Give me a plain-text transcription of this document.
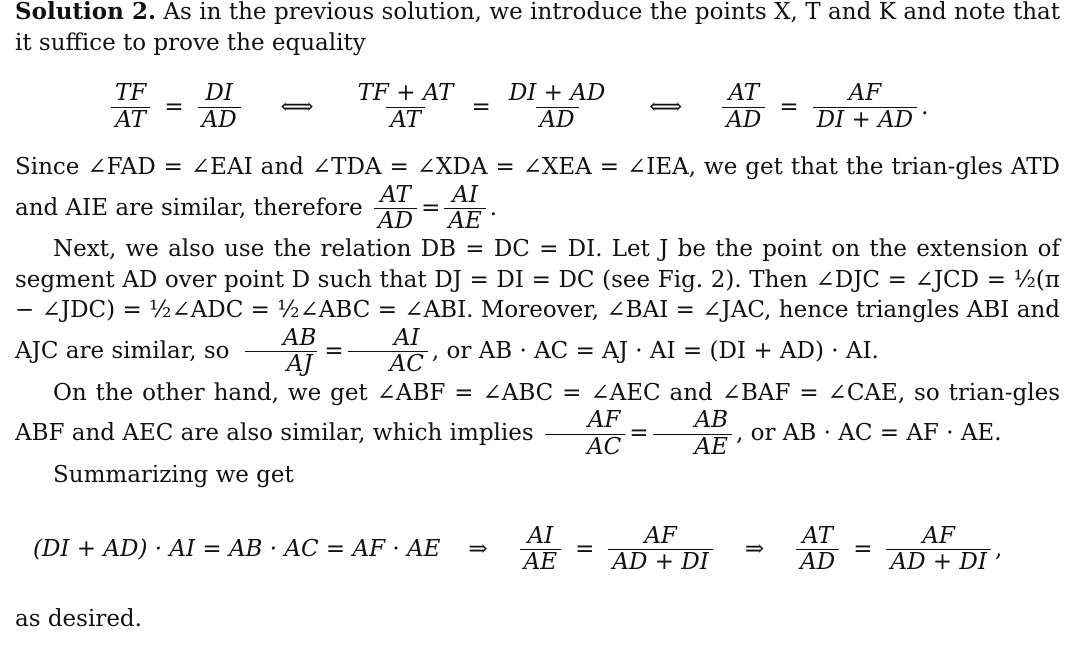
Solution 2. As in the previous solution, we introduce the points X, T and K and note that it suffice to prove the equality

$\frac{TF}{AT} = \frac{DI}{AD}$ ⟺ $\frac{TF + AT}{AT} = \frac{DI + AD}{AD}$ ⟺ $\frac{AT}{AD} = \frac{AF}{DI + AD}$ .

Since ∠FAD = ∠EAI and ∠TDA = ∠XDA = ∠XEA = ∠IEA, we get that the trian-gles ATD and AIE are similar, therefore $\frac{AT}{AD} = \frac{AI}{AE}$ .

Next, we also use the relation DB = DC = DI. Let J be the point on the extension of segment AD over point D such that DJ = DI = DC (see Fig. 2). Then ∠DJC = ∠JCD = ½(π − ∠JDC) = ½∠ADC = ½∠ABC = ∠ABI. Moreover, ∠BAI = ∠JAC, hence triangles ABI and AJC are similar, so $\frac{AB}{AJ} = \frac{AI}{AC}$ , or AB · AC = AJ · AI = (DI + AD) · AI.

On the other hand, we get ∠ABF = ∠ABC = ∠AEC and ∠BAF = ∠CAE, so trian-gles ABF and AEC are also similar, which implies $\frac{AF}{AC} = \frac{AB}{AE}$ , or AB · AC = AF · AE.

Summarizing we get

(DI + AD) · AI = AB · AC = AF · AE ⇒ $\frac{AI}{AE} = \frac{AF}{AD + DI}$ ⇒ $\frac{AT}{AD} = \frac{AF}{AD + DI}$ ,

as desired.
